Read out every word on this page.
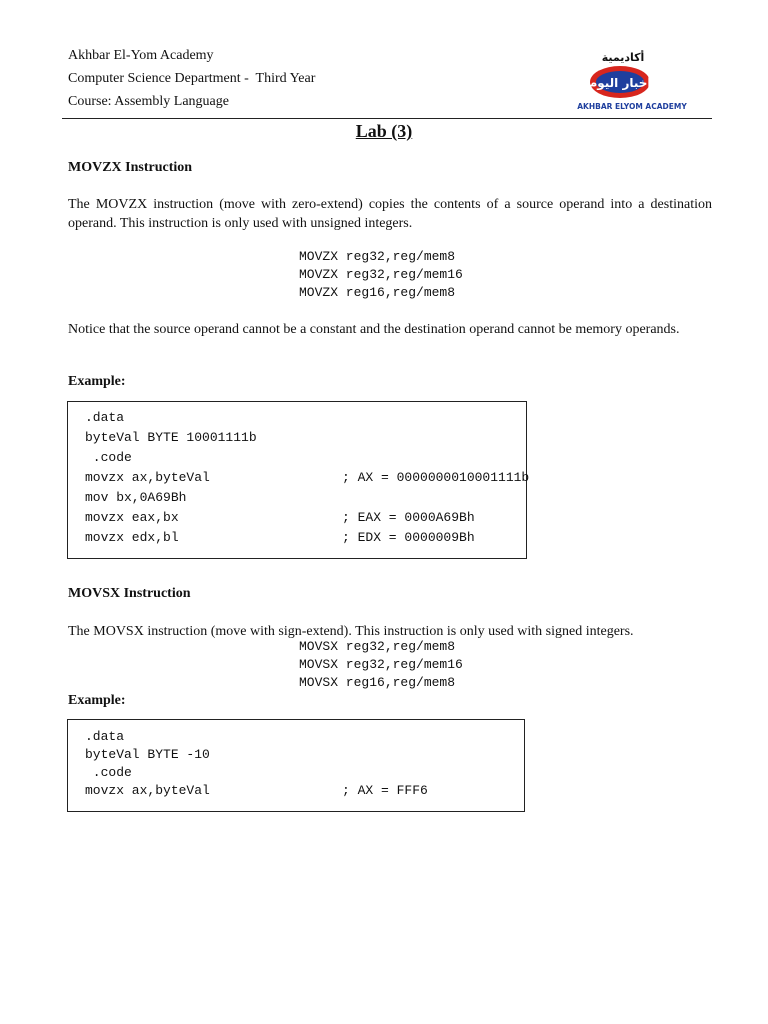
Akhbar El-Yom Academy
Computer Science Department -  Third Year
Course: Assembly Language
أكاديمية
أخبار اليوم
AKHBAR ELYOM ACADEMY
Lab (3)
MOVZX Instruction
The MOVZX instruction (move with zero-extend) copies the contents of a source operand into a destination operand. This instruction is only used with unsigned integers.
MOVZX reg32,reg/mem8
MOVZX reg32,reg/mem16
MOVZX reg16,reg/mem8
Notice that the source operand cannot be a constant and the destination operand cannot be memory operands.
Example:
.data
byteVal BYTE 10001111b
.code
movzx ax,byteVal	; AX = 0000000010001111b
mov bx,0A69Bh
movzx eax,bx	; EAX = 0000A69Bh
movzx edx,bl	; EDX = 0000009Bh
MOVSX Instruction
The MOVSX instruction (move with sign-extend). This instruction is only used with signed integers.
MOVSX reg32,reg/mem8
MOVSX reg32,reg/mem16
MOVSX reg16,reg/mem8
Example:
.data
byteVal BYTE -10
.code
movzx ax,byteVal	; AX = FFF6
